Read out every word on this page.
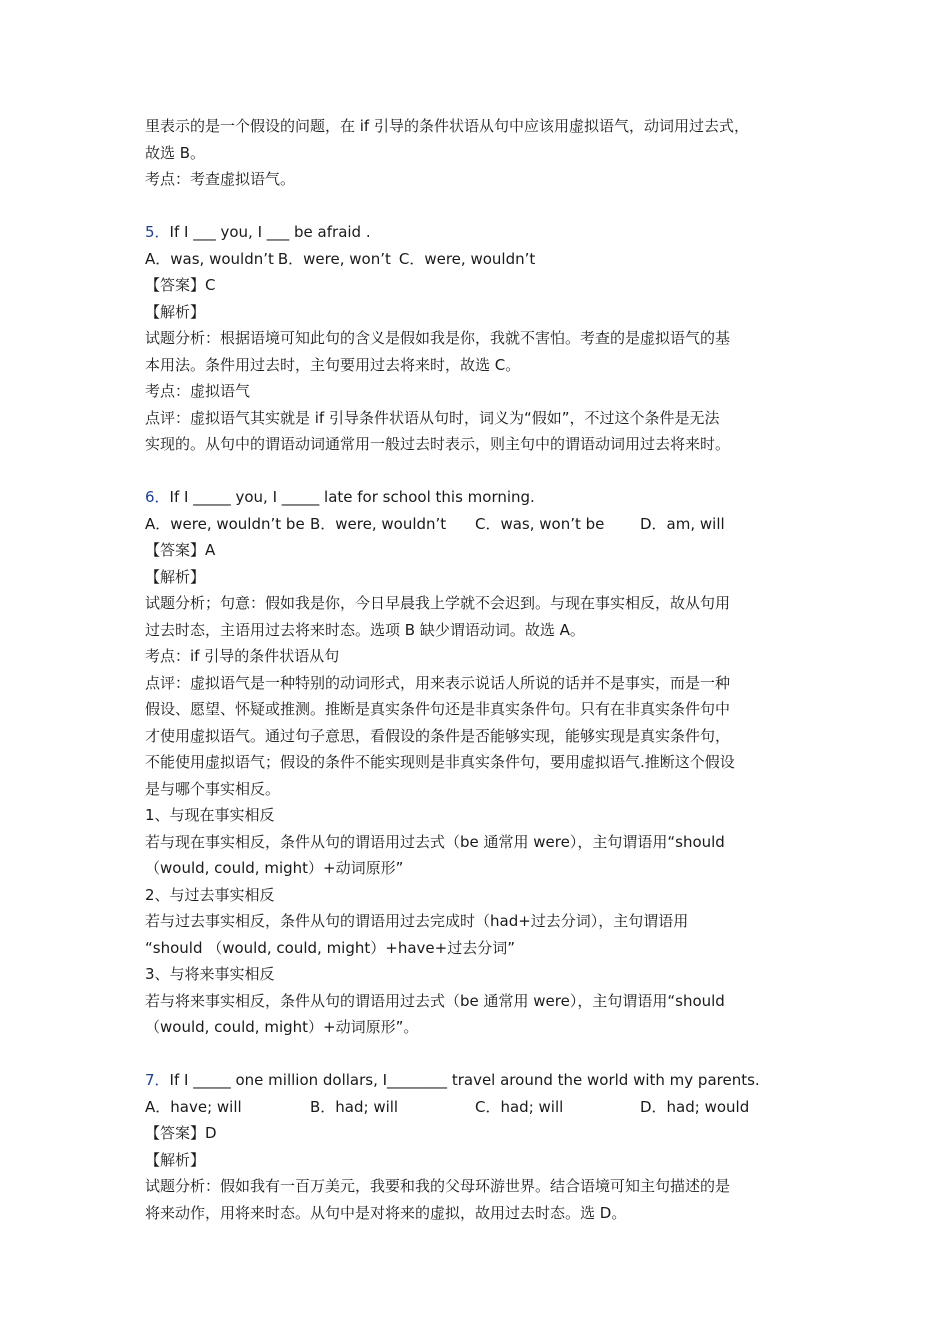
里表示的是一个假设的问题，在 if 引导的条件状语从句中应该用虚拟语气，动词用过去式，

故选 B。

考点：考查虚拟语气。

5．If I ___ you, I ___ be afraid .

A．was, wouldn’t B．were, won’t C．were, wouldn’t

【答案】C

【解析】

试题分析：根据语境可知此句的含义是假如我是你，我就不害怕。考查的是虚拟语气的基

本用法。条件用过去时，主句要用过去将来时，故选 C。

考点：虚拟语气

点评：虚拟语气其实就是 if 引导条件状语从句时，词义为“假如”，不过这个条件是无法

实现的。从句中的谓语动词通常用一般过去时表示，则主句中的谓语动词用过去将来时。

6．If I _____ you, I _____ late for school this morning.

A．were, wouldn’t be B．were, wouldn’t	C．was, won’t be	D．am, will

【答案】A

【解析】

试题分析；句意：假如我是你，今日早晨我上学就不会迟到。与现在事实相反，故从句用

过去时态，主语用过去将来时态。选项 B 缺少谓语动词。故选 A。

考点：if 引导的条件状语从句

点评：虚拟语气是一种特别的动词形式，用来表示说话人所说的话并不是事实，而是一种

假设、愿望、怀疑或推测。推断是真实条件句还是非真实条件句。只有在非真实条件句中

才使用虚拟语气。通过句子意思，看假设的条件是否能够实现，能够实现是真实条件句，

不能使用虚拟语气；假设的条件不能实现则是非真实条件句，要用虚拟语气.推断这个假设

是与哪个事实相反。

1、与现在事实相反

若与现在事实相反，条件从句的谓语用过去式（be 通常用 were），主句谓语用“should

（would, could, might）+动词原形”

2、与过去事实相反

若与过去事实相反，条件从句的谓语用过去完成时（had+过去分词），主句谓语用

“should （would, could, might）+have+过去分词”

3、与将来事实相反

若与将来事实相反，条件从句的谓语用过去式（be 通常用 were），主句谓语用“should

（would, could, might）+动词原形”。

7．If I _____ one million dollars, I________ travel around the world with my parents.

A．have; will	B．had; will	C．had; will	D．had; would

【答案】D

【解析】

试题分析：假如我有一百万美元，我要和我的父母环游世界。结合语境可知主句描述的是

将来动作，用将来时态。从句中是对将来的虚拟，故用过去时态。选 D。
